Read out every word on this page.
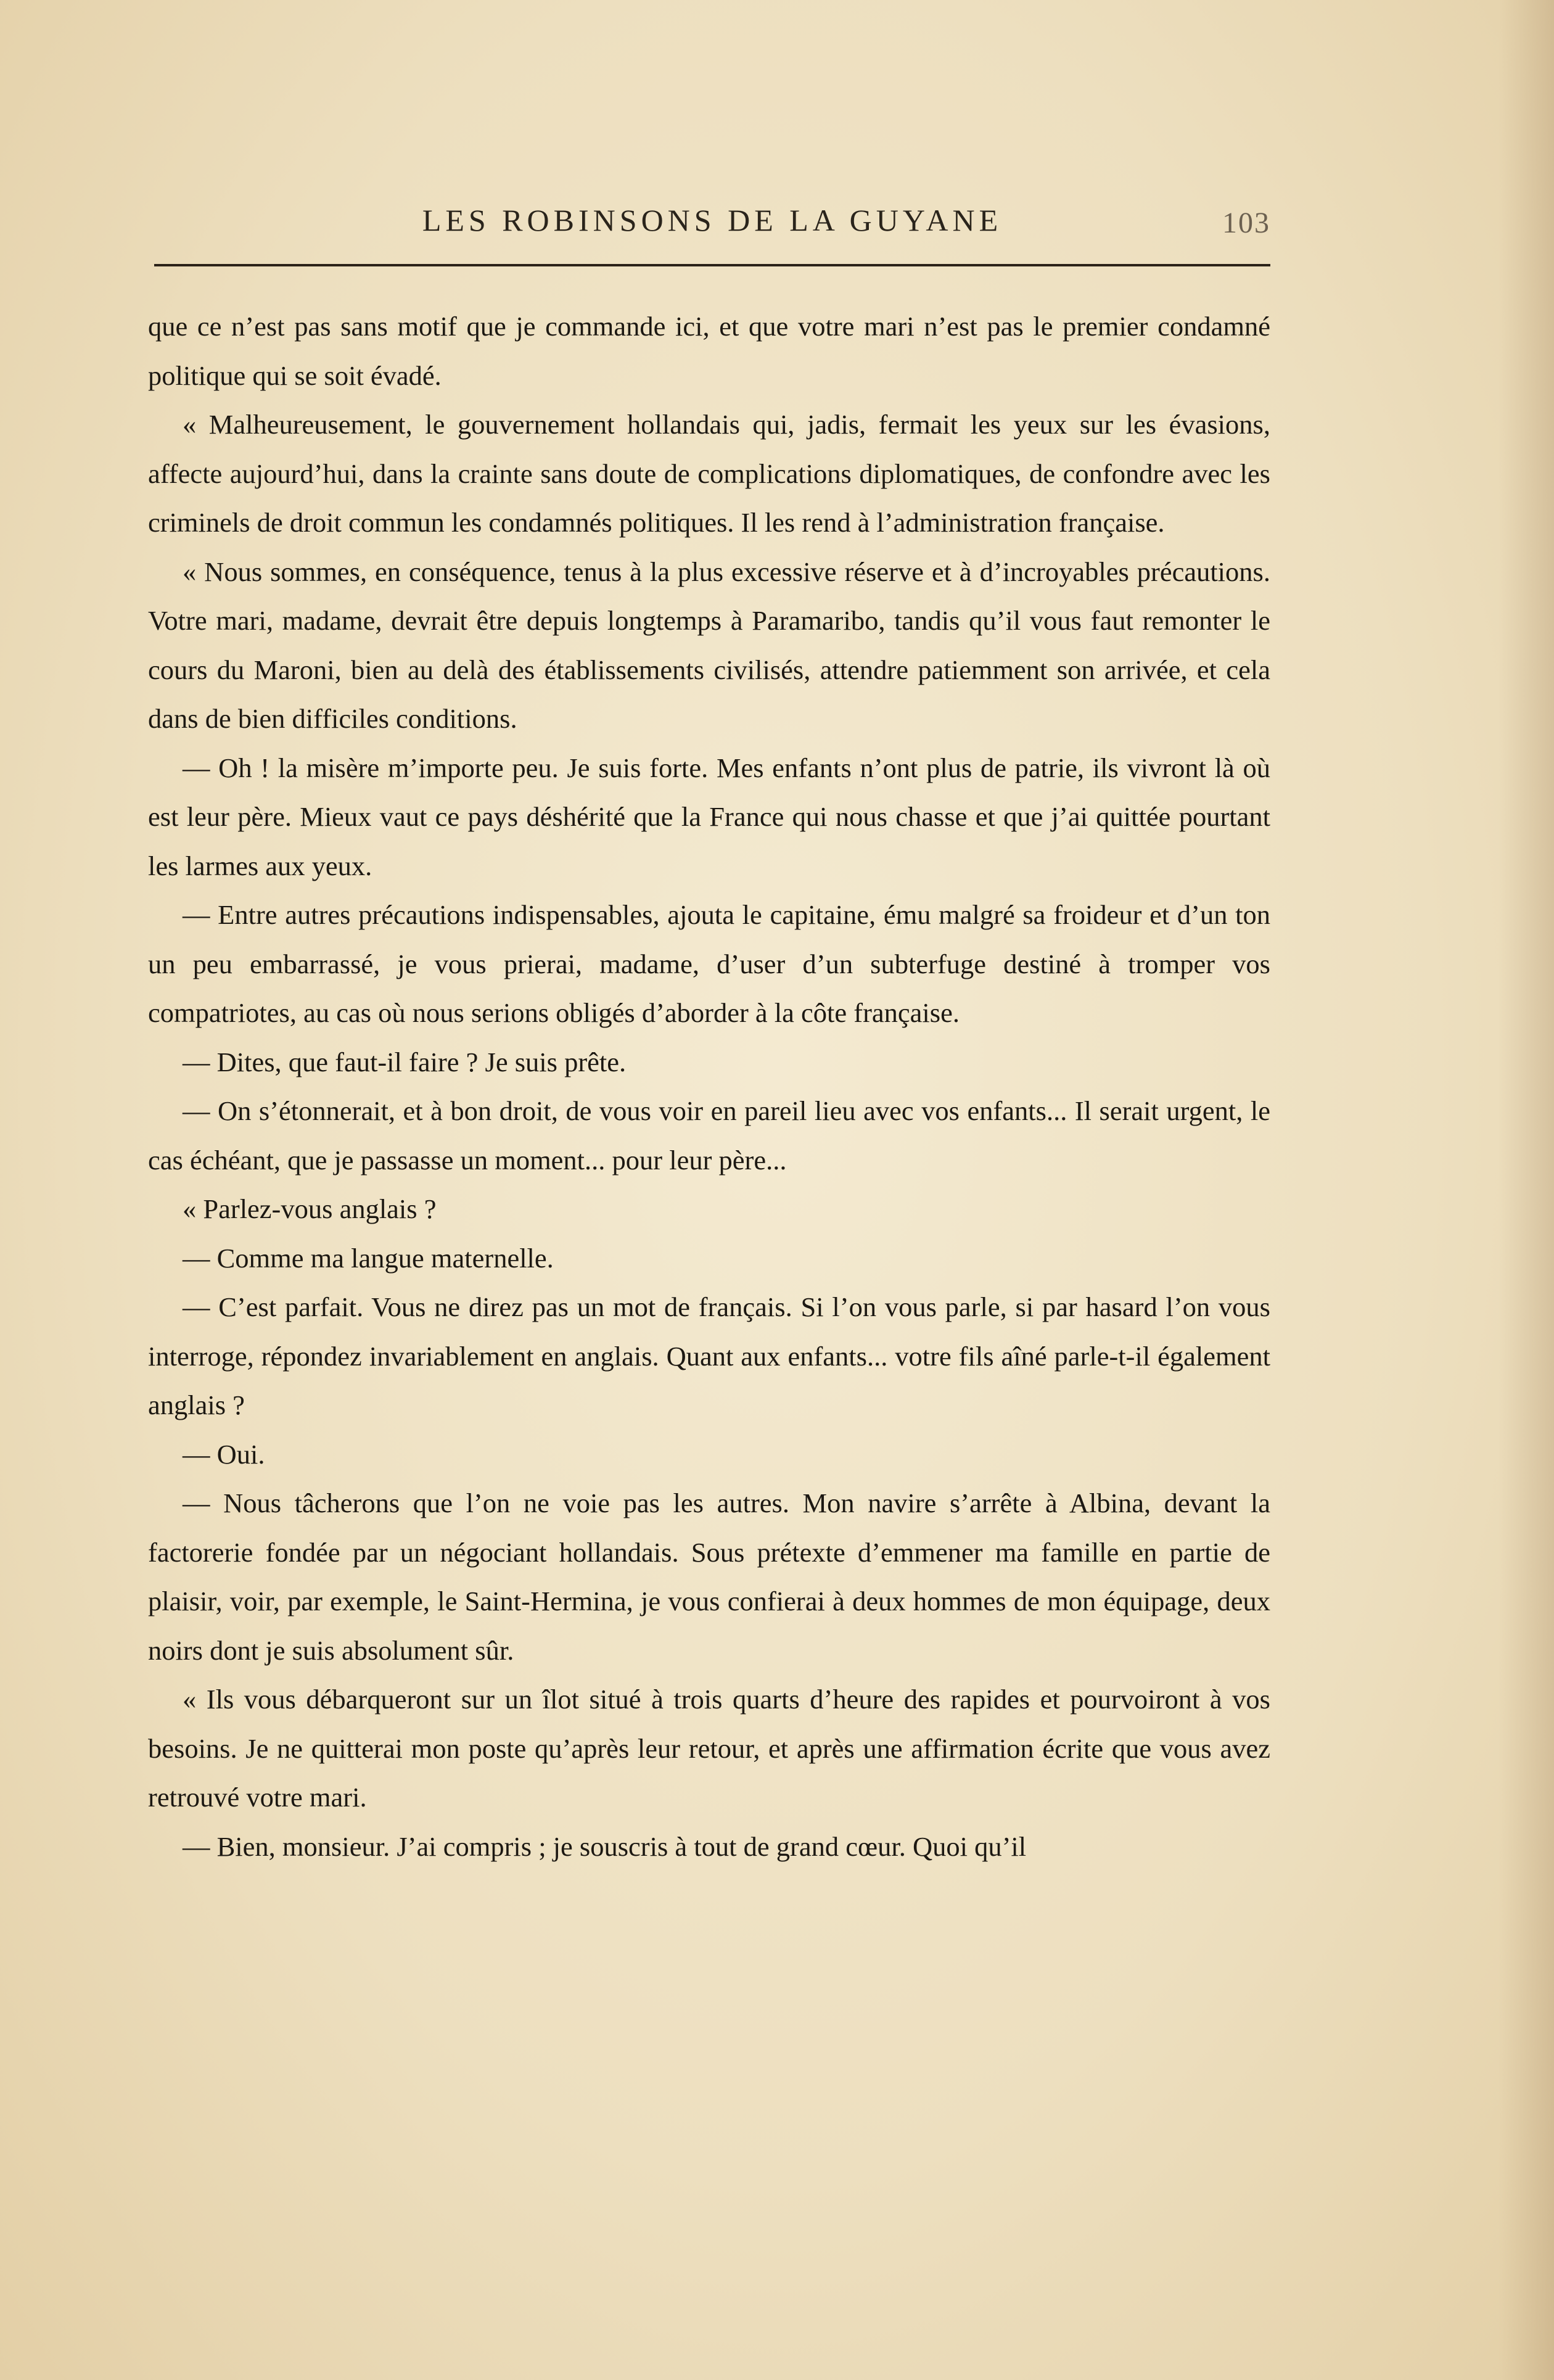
LES ROBINSONS DE LA GUYANE	103

que ce n’est pas sans motif que je commande ici, et que votre mari n’est pas le premier condamné politique qui se soit évadé.

« Malheureusement, le gouvernement hollandais qui, jadis, fermait les yeux sur les évasions, affecte aujourd’hui, dans la crainte sans doute de complications diplomatiques, de confondre avec les criminels de droit commun les condamnés politiques. Il les rend à l’administration française.

« Nous sommes, en conséquence, tenus à la plus excessive réserve et à d’incroyables précautions. Votre mari, madame, devrait être depuis longtemps à Paramaribo, tandis qu’il vous faut remonter le cours du Maroni, bien au delà des établissements civilisés, attendre patiemment son arrivée, et cela dans de bien difficiles conditions.

— Oh ! la misère m’importe peu. Je suis forte. Mes enfants n’ont plus de patrie, ils vivront là où est leur père. Mieux vaut ce pays déshérité que la France qui nous chasse et que j’ai quittée pourtant les larmes aux yeux.

— Entre autres précautions indispensables, ajouta le capitaine, ému malgré sa froideur et d’un ton un peu embarrassé, je vous prierai, madame, d’user d’un subterfuge destiné à tromper vos compatriotes, au cas où nous serions obligés d’aborder à la côte française.

— Dites, que faut-il faire ? Je suis prête.

— On s’étonnerait, et à bon droit, de vous voir en pareil lieu avec vos enfants... Il serait urgent, le cas échéant, que je passasse un moment... pour leur père...

« Parlez-vous anglais ?

— Comme ma langue maternelle.

— C’est parfait. Vous ne direz pas un mot de français. Si l’on vous parle, si par hasard l’on vous interroge, répondez invariablement en anglais. Quant aux enfants... votre fils aîné parle-t-il également anglais ?

— Oui.

— Nous tâcherons que l’on ne voie pas les autres. Mon navire s’arrête à Albina, devant la factorerie fondée par un négociant hollandais. Sous prétexte d’emmener ma famille en partie de plaisir, voir, par exemple, le Saint-Hermina, je vous confierai à deux hommes de mon équipage, deux noirs dont je suis absolument sûr.

« Ils vous débarqueront sur un îlot situé à trois quarts d’heure des rapides et pourvoiront à vos besoins. Je ne quitterai mon poste qu’après leur retour, et après une affirmation écrite que vous avez retrouvé votre mari.

— Bien, monsieur. J’ai compris ; je souscris à tout de grand cœur. Quoi qu’il
